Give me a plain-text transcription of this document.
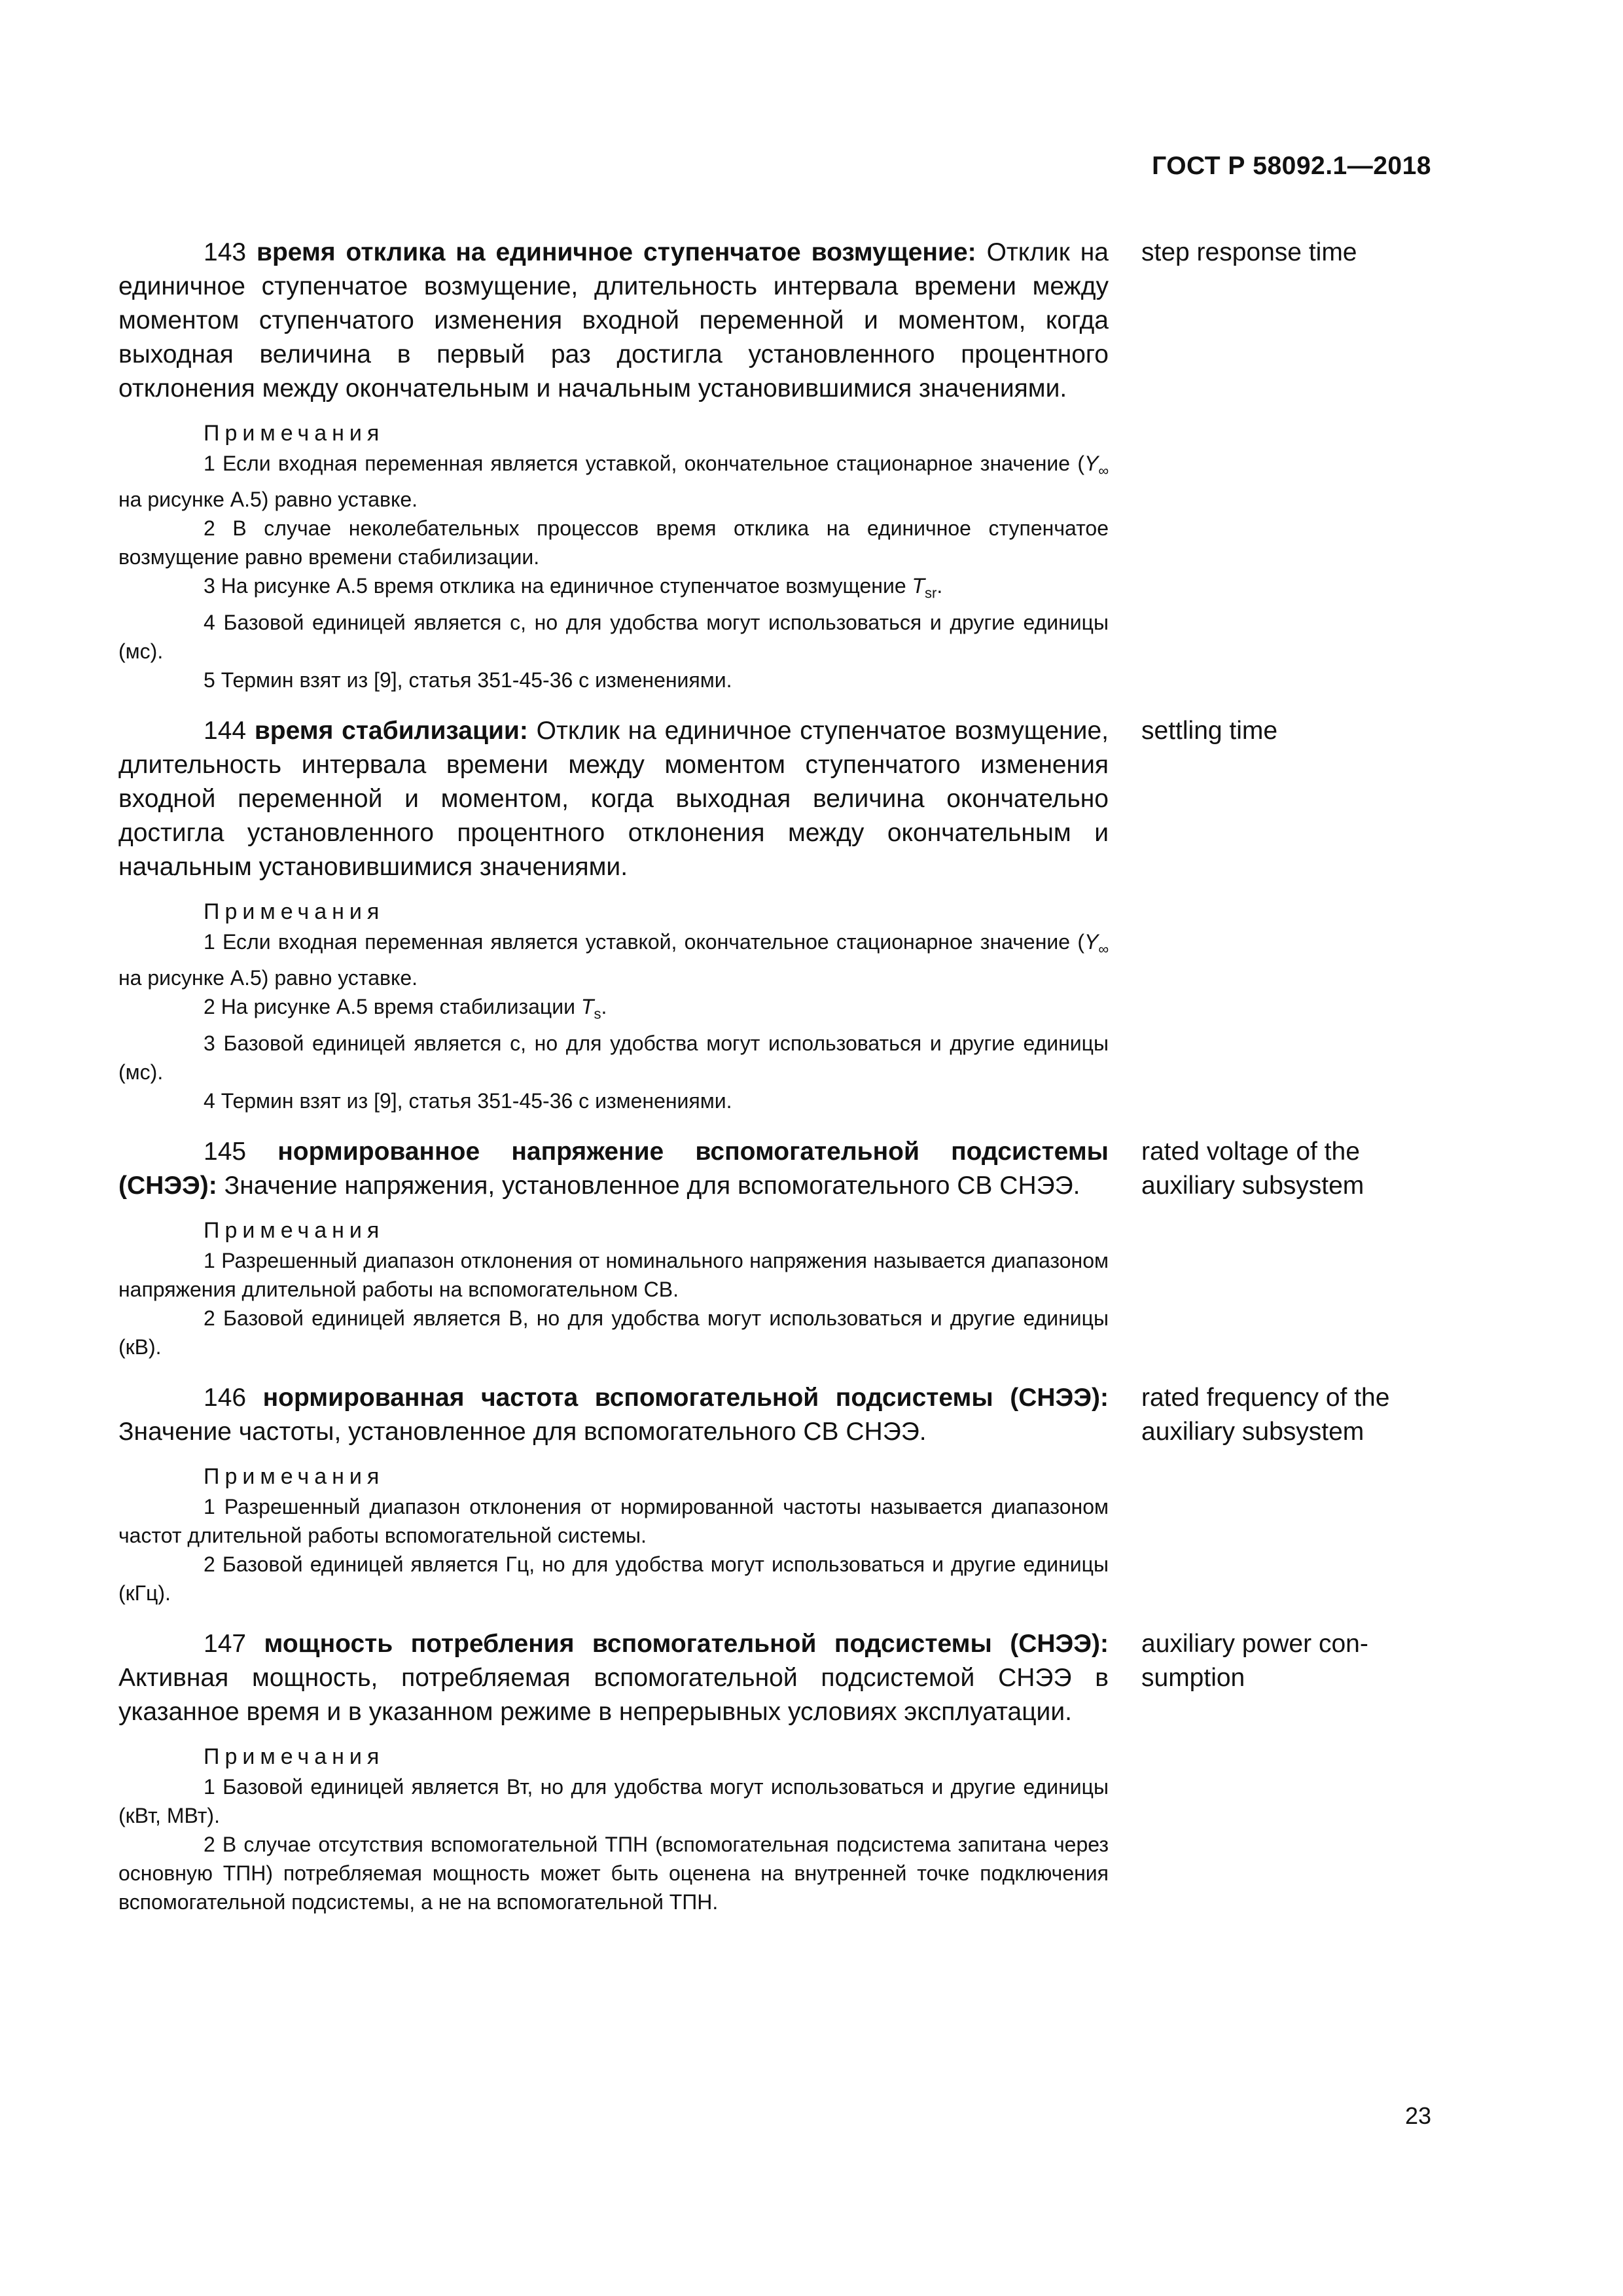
ГОСТ Р 58092.1—2018

143 время отклика на единичное ступенчатое возмущение: Отклик на единичное ступенчатое возмущение, длительность интервала времени между моментом ступенчатого изменения входной переменной и моментом, когда выходная величина в первый раз достигла установленного процентного отклонения между окончательным и начальным установившимися значениями.

step response time

Примечания

1 Если входная переменная является уставкой, окончательное стационарное значение ($Y_\infty$ на рисунке А.5) равно уставке.

2 В случае неколебательных процессов время отклика на единичное ступенчатое возмущение равно времени стабилизации.

3 На рисунке А.5 время отклика на единичное ступенчатое возмущение $T_{sr}$.

4 Базовой единицей является с, но для удобства могут использоваться и другие единицы (мс).

5 Термин взят из [9], статья 351-45-36 с изменениями.

144 время стабилизации: Отклик на единичное ступенчатое возмущение, длительность интервала времени между моментом ступенчатого изменения входной переменной и моментом, когда выходная величина окончательно достигла установленного процентного отклонения между окончательным и начальным установившимися значениями.

settling time

Примечания

1 Если входная переменная является уставкой, окончательное стационарное значение ($Y_\infty$ на рисунке А.5) равно уставке.

2 На рисунке А.5 время стабилизации $T_s$.

3 Базовой единицей является с, но для удобства могут использоваться и другие единицы (мс).

4 Термин взят из [9], статья 351-45-36 с изменениями.

145 нормированное напряжение вспомогательной подсистемы (СНЭЭ): Значение напряжения, установленное для вспомогательного СВ СНЭЭ.

rated voltage of the auxiliary subsystem

Примечания

1 Разрешенный диапазон отклонения от номинального напряжения называется диапазоном напряжения длительной работы на вспомогательном СВ.

2 Базовой единицей является В, но для удобства могут использоваться и другие единицы (кВ).

146 нормированная частота вспомогательной подсистемы (СНЭЭ): Значение частоты, установленное для вспомогательного СВ СНЭЭ.

rated frequency of the auxiliary subsystem

Примечания

1 Разрешенный диапазон отклонения от нормированной частоты называется диапазоном частот длительной работы вспомогательной системы.

2 Базовой единицей является Гц, но для удобства могут использоваться и другие единицы (кГц).

147 мощность потребления вспомогательной подсистемы (СНЭЭ): Активная мощность, потребляемая вспомогательной подсистемой СНЭЭ в указанное время и в указанном режиме в непрерывных условиях эксплуатации.

auxiliary power con-sumption

Примечания

1 Базовой единицей является Вт, но для удобства могут использоваться и другие единицы (кВт, МВт).

2 В случае отсутствия вспомогательной ТПН (вспомогательная подсистема запитана через основную ТПН) потребляемая мощность может быть оценена на внутренней точке подключения вспомогательной подсистемы, а не на вспомогательной ТПН.

23
